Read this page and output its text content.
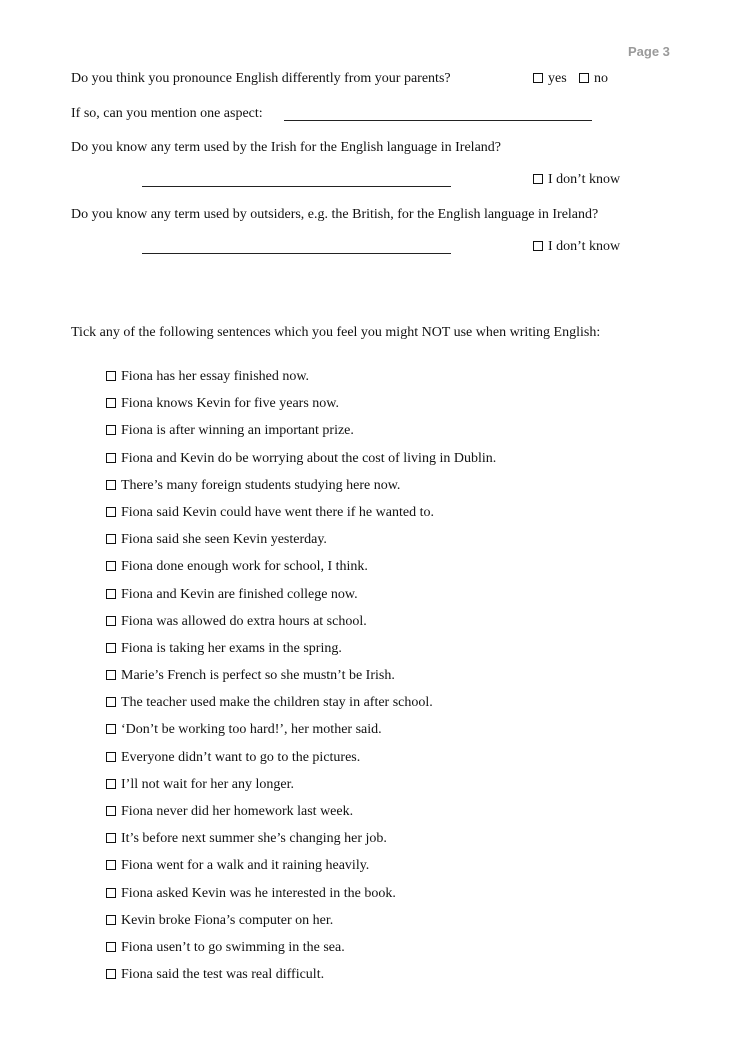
Page 3
Do you think you pronounce English differently from your parents?	yes	no
If so, can you mention one aspect:
Do you know any term used by the Irish for the English language in Ireland?
I don’t know
Do you know any term used by outsiders, e.g. the British, for the English language in Ireland?
I don’t know
Tick any of the following sentences which you feel you might NOT use when writing English:
Fiona has her essay finished now.
Fiona knows Kevin for five years now.
Fiona is after winning an important prize.
Fiona and Kevin do be worrying about the cost of living in Dublin.
There’s many foreign students studying here now.
Fiona said Kevin could have went there if he wanted to.
Fiona said she seen Kevin yesterday.
Fiona done enough work for school, I think.
Fiona and Kevin are finished college now.
Fiona was allowed do extra hours at school.
Fiona is taking her exams in the spring.
Marie’s French is perfect so she mustn’t be Irish.
The teacher used make the children stay in after school.
‘Don’t be working too hard!’, her mother said.
Everyone didn’t want to go to the pictures.
I’ll not wait for her any longer.
Fiona never did her homework last week.
It’s before next summer she’s changing her job.
Fiona went for a walk and it raining heavily.
Fiona asked Kevin was he interested in the book.
Kevin broke Fiona’s computer on her.
Fiona usen’t to go swimming in the sea.
Fiona said the test was real difficult.
